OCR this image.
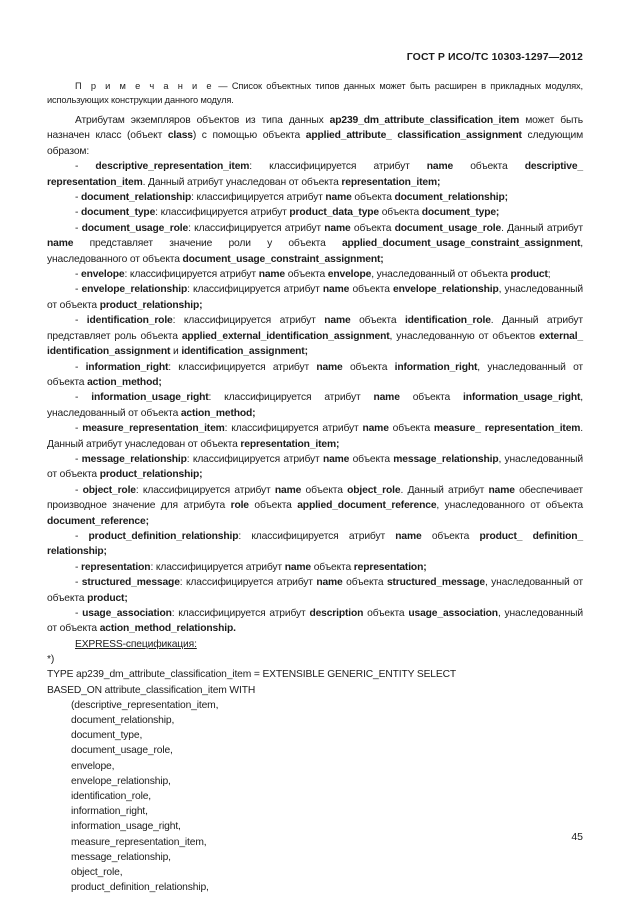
ГОСТ Р ИСО/ТС 10303-1297—2012
П р и м е ч а н и е — Список объектных типов данных может быть расширен в прикладных модулях, использующих конструкции данного модуля.

Атрибутам экземпляров объектов из типа данных ap239_dm_attribute_classification_item может быть назначен класс (объект class) с помощью объекта applied_attribute_ classification_assignment следующим образом:

- descriptive_representation_item: классифицируется атрибут name объекта descriptive_ representation_item. Данный атрибут унаследован от объекта representation_item;

- document_relationship: классифицируется атрибут name объекта document_relationship;

- document_type: классифицируется атрибут product_data_type объекта document_type;

- document_usage_role: классифицируется атрибут name объекта document_usage_role. Данный атрибут name представляет значение роли у объекта applied_document_usage_constraint_assignment, унаследованного от объекта document_usage_constraint_assignment;

- envelope: классифицируется атрибут name объекта envelope, унаследованный от объекта product;

- envelope_relationship: классифицируется атрибут name объекта envelope_relationship, унаследованный от объекта product_relationship;

- identification_role: классифицируется атрибут name объекта identification_role. Данный атрибут представляет роль объекта applied_external_identification_assignment, унаследованную от объектов external_ identification_assignment и identification_assignment;

- information_right: классифицируется атрибут name объекта information_right, унаследованный от объекта action_method;

- information_usage_right: классифицируется атрибут name объекта information_usage_right, унаследованный от объекта action_method;

- measure_representation_item: классифицируется атрибут name объекта measure_ representation_item. Данный атрибут унаследован от объекта representation_item;

- message_relationship: классифицируется атрибут name объекта message_relationship, унаследованный от объекта product_relationship;

- object_role: классифицируется атрибут name объекта object_role. Данный атрибут name обеспечивает производное значение для атрибута role объекта applied_document_reference, унаследованного от объекта document_reference;

- product_definition_relationship: классифицируется атрибут name объекта product_ definition_ relationship;

- representation: классифицируется атрибут name объекта representation;

- structured_message: классифицируется атрибут name объекта structured_message, унаследованный от объекта product;

- usage_association: классифицируется атрибут description объекта usage_association, унаследованный от объекта action_method_relationship.

EXPRESS-спецификация:

*)
TYPE ap239_dm_attribute_classification_item = EXTENSIBLE GENERIC_ENTITY SELECT
BASED_ON attribute_classification_item WITH
(descriptive_representation_item,
document_relationship,
document_type,
document_usage_role,
envelope,
envelope_relationship,
identification_role,
information_right,
information_usage_right,
measure_representation_item,
message_relationship,
object_role,
product_definition_relationship,
45
